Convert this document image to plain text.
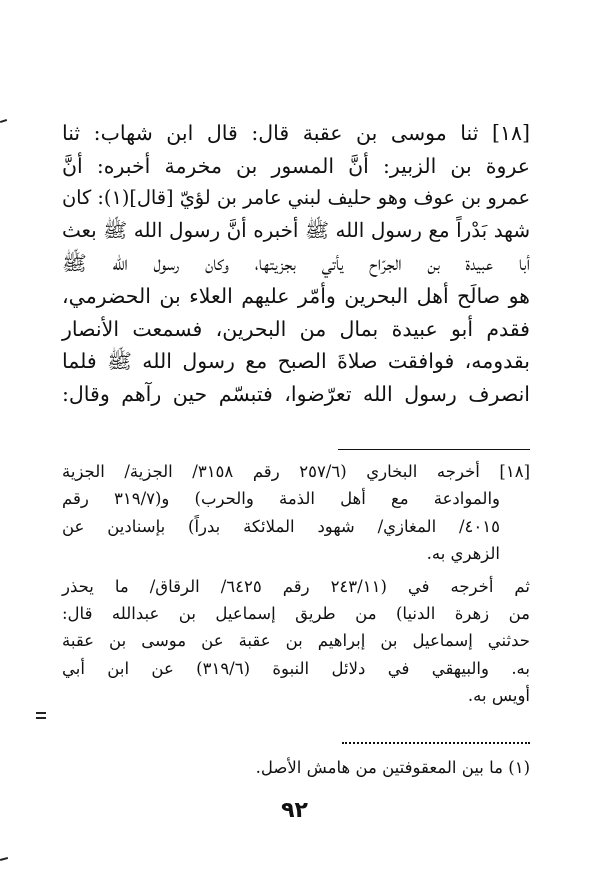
[١٨] ثنا موسى بن عقبة قال: قال ابن شهاب: ثنا
عروة بن الزبير: أنَّ المسور بن مخرمة أخبره: أنَّ
عمرو بن عوف وهو حليف لبني عامر بن لؤيّ [قال](١): كان
شهد بَدْراً مع رسول الله ﷺ أخبره أنَّ رسول الله ﷺ بعث
أبا عبيدة بن الجرّاح يأتي بجزيتها، وكان رسول الله ﷺ
هو صالَح أهل البحرين وأمّر عليهم العلاء بن الحضرمي،
فقدم أبو عبيدة بمال من البحرين، فسمعت الأنصار
بقدومه، فوافقت صلاةَ الصبح مع رسول الله ﷺ فلما
انصرف رسول الله تعرّضوا، فتبسّم حين رآهم وقال:
[١٨] أخرجه البخاري (٢٥٧/٦ رقم ٣١٥٨/ الجزية/ الجزية
والموادعة مع أهل الذمة والحرب) و(٣١٩/٧ رقم
٤٠١٥/ المغازي/ شهود الملائكة بدراً) بإسنادين عن
الزهري به.
ثم أخرجه في (٢٤٣/١١ رقم ٦٤٢٥/ الرقاق/ ما يحذر
من زهرة الدنيا) من طريق إسماعيل بن عبدالله قال:
حدثني إسماعيل بن إبراهيم بن عقبة عن موسى بن عقبة
به. والبيهقي في دلائل النبوة (٣١٩/٦) عن ابن أبي
أويس به.
(١) ما بين المعقوفتين من هامش الأصل.
٩٢
